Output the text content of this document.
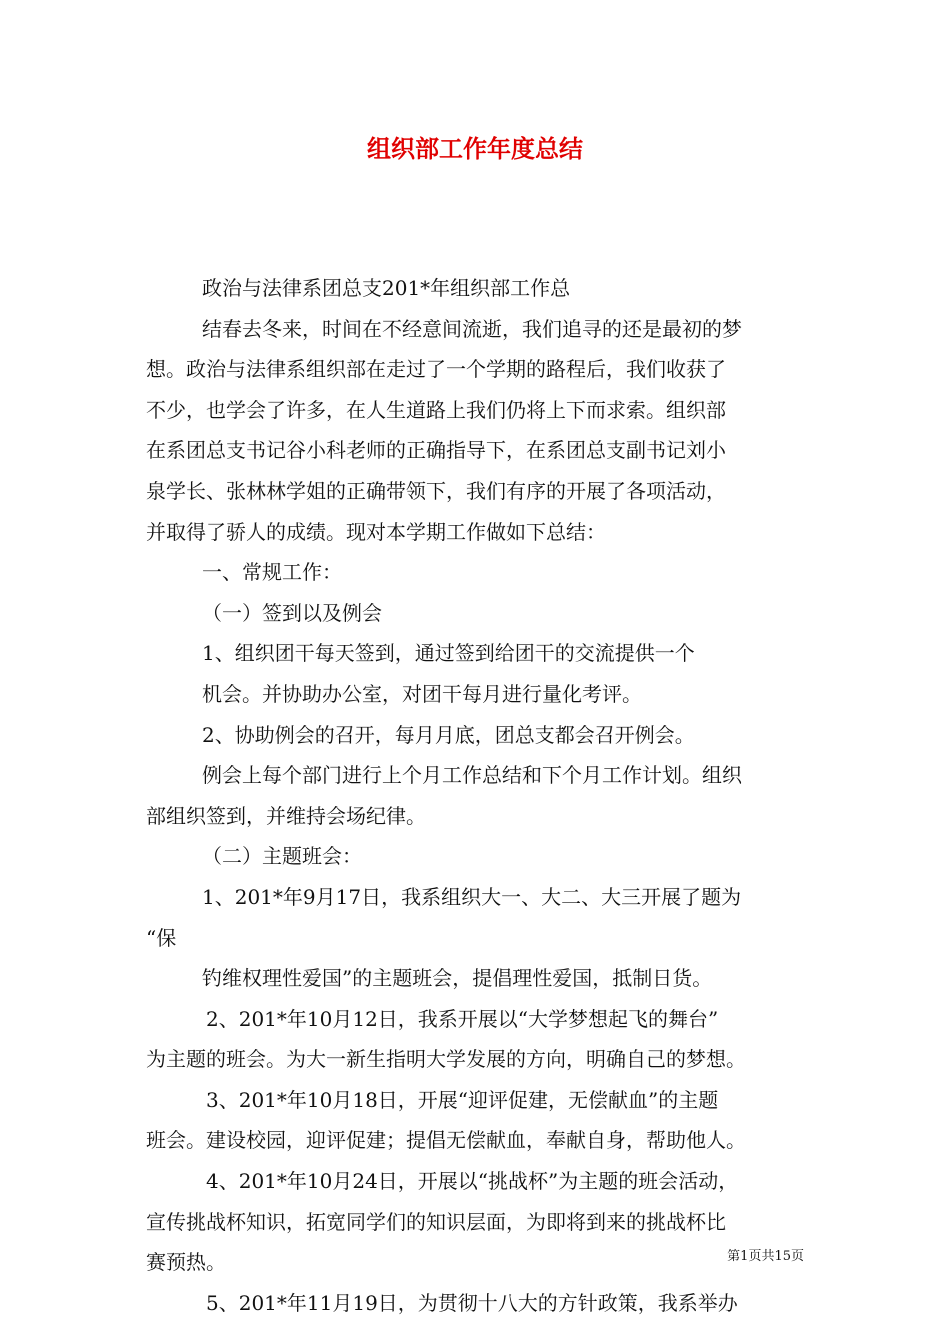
组织部工作年度总结
政治与法律系团总支201*年组织部工作总
结春去冬来，时间在不经意间流逝，我们追寻的还是最初的梦
想。政治与法律系组织部在走过了一个学期的路程后，我们收获了
不少，也学会了许多，在人生道路上我们仍将上下而求索。组织部
在系团总支书记谷小科老师的正确指导下，在系团总支副书记刘小
泉学长、张林林学姐的正确带领下，我们有序的开展了各项活动，
并取得了骄人的成绩。现对本学期工作做如下总结：
一、常规工作：
（一）签到以及例会
1、组织团干每天签到，通过签到给团干的交流提供一个
机会。并协助办公室，对团干每月进行量化考评。
2、协助例会的召开，每月月底，团总支都会召开例会。
例会上每个部门进行上个月工作总结和下个月工作计划。组织
部组织签到，并维持会场纪律。
（二）主题班会：
1、201*年9月17日，我系组织大一、大二、大三开展了题为
“保
钓维权理性爱国”的主题班会，提倡理性爱国，抵制日货。
2、201*年10月12日，我系开展以“大学梦想起飞的舞台”
为主题的班会。为大一新生指明大学发展的方向，明确自己的梦想。
3、201*年10月18日，开展“迎评促建，无偿献血”的主题
班会。建设校园，迎评促建；提倡无偿献血，奉献自身，帮助他人。
4、201*年10月24日，开展以“挑战杯”为主题的班会活动，
宣传挑战杯知识，拓宽同学们的知识层面，为即将到来的挑战杯比
赛预热。
5、201*年11月19日，为贯彻十八大的方针政策，我系举办
第1页共15页
